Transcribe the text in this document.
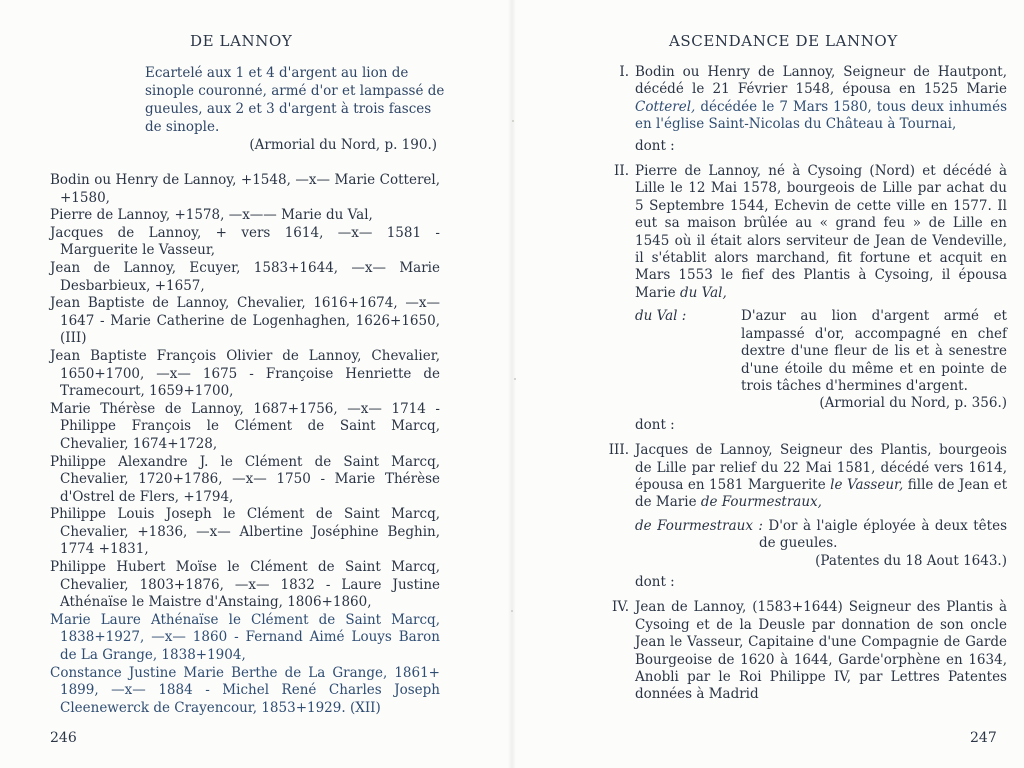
DE LANNOY
Ecartelé aux 1 et 4 d'argent au lion de sinople couronné, armé d'or et lampassé de gueules, aux 2 et 3 d'argent à trois fasces de sinople.
(Armorial du Nord, p. 190.)
Bodin ou Henry de Lannoy, +1548, —x— Marie Cotterel, +1580,
Pierre de Lannoy, +1578, —x—— Marie du Val,
Jacques de Lannoy, + vers 1614, —x— 1581 - Marguerite le Vasseur,
Jean de Lannoy, Ecuyer, 1583+1644, —x— Marie Desbarbieux, +1657,
Jean Baptiste de Lannoy, Chevalier, 1616+1674, —x— 1647 - Marie Catherine de Logenhaghen, 1626+1650, (III)
Jean Baptiste François Olivier de Lannoy, Chevalier, 1650+1700, —x— 1675 - Françoise Henriette de Tramecourt, 1659+1700,
Marie Thérèse de Lannoy, 1687+1756, —x— 1714 - Philippe François le Clément de Saint Marcq, Chevalier, 1674+1728,
Philippe Alexandre J. le Clément de Saint Marcq, Chevalier, 1720+1786, —x— 1750 - Marie Thérèse d'Ostrel de Flers, +1794,
Philippe Louis Joseph le Clément de Saint Marcq, Chevalier, +1836, —x— Albertine Joséphine Beghin, 1774 +1831,
Philippe Hubert Moïse le Clément de Saint Marcq, Chevalier, 1803+1876, —x— 1832 - Laure Justine Athénaïse le Maistre d'Anstaing, 1806+1860,
Marie Laure Athénaïse le Clément de Saint Marcq, 1838+1927, —x— 1860 - Fernand Aimé Louys Baron de La Grange, 1838+1904,
Constance Justine Marie Berthe de La Grange, 1861+ 1899, —x— 1884 - Michel René Charles Joseph Cleenewerck de Crayencour, 1853+1929. (XII)
246
ASCENDANCE DE LANNOY
I. Bodin ou Henry de Lannoy, Seigneur de Hautpont, décédé le 21 Février 1548, épousa en 1525 Marie Cotterel, décédée le 7 Mars 1580, tous deux inhumés en l'église Saint-Nicolas du Château à Tournai,
dont :
II. Pierre de Lannoy, né à Cysoing (Nord) et décédé à Lille le 12 Mai 1578, bourgeois de Lille par achat du 5 Septembre 1544, Echevin de cette ville en 1577. Il eut sa maison brûlée au « grand feu » de Lille en 1545 où il était alors serviteur de Jean de Vendeville, il s'établit alors marchand, fit fortune et acquit en Mars 1553 le fief des Plantis à Cysoing, il épousa Marie du Val,
du Val :	D'azur au lion d'argent armé et lampassé d'or, accompagné en chef dextre d'une fleur de lis et à senestre d'une étoile du même et en pointe de trois tâches d'hermines d'argent.
(Armorial du Nord, p. 356.)
dont :
III. Jacques de Lannoy, Seigneur des Plantis, bourgeois de Lille par relief du 22 Mai 1581, décédé vers 1614, épousa en 1581 Marguerite le Vasseur, fille de Jean et de Marie de Fourmestraux,
de Fourmestraux : D'or à l'aigle éployée à deux têtes de gueules.
(Patentes du 18 Aout 1643.)
dont :
IV. Jean de Lannoy, (1583+1644) Seigneur des Plantis à Cysoing et de la Deusle par donnation de son oncle Jean le Vasseur, Capitaine d'une Compagnie de Garde Bourgeoise de 1620 à 1644, Garde'orphène en 1634, Anobli par le Roi Philippe IV, par Lettres Patentes données à Madrid
247
